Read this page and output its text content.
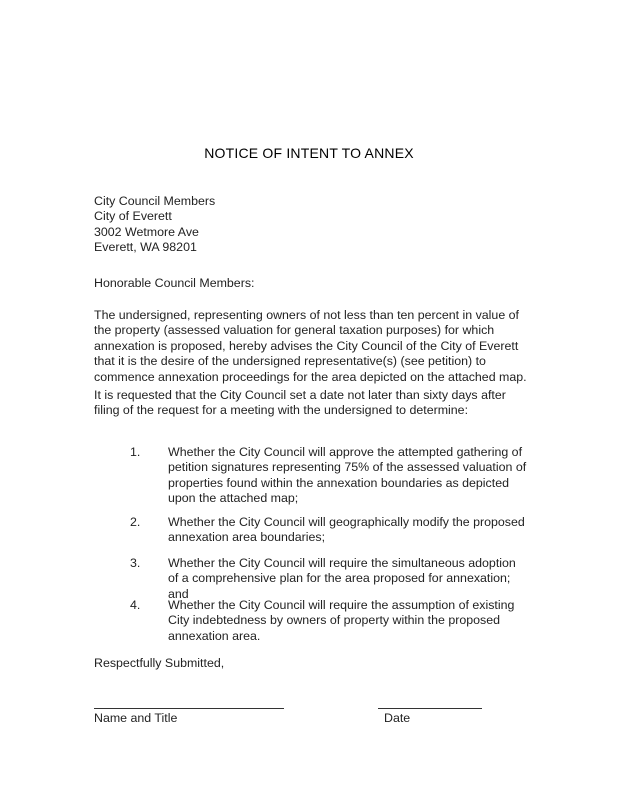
NOTICE OF INTENT TO ANNEX
City Council Members
City of Everett
3002 Wetmore Ave
Everett, WA 98201
Honorable Council Members:
The undersigned, representing owners of not less than ten percent in value of the property (assessed valuation for general taxation purposes) for which annexation is proposed, hereby advises the City Council of the City of Everett that it is the desire of the undersigned representative(s) (see petition) to commence annexation proceedings for the area depicted on the attached map.
It is requested that the City Council set a date not later than sixty days after filing of the request for a meeting with the undersigned to determine:
1. Whether the City Council will approve the attempted gathering of petition signatures representing 75% of the assessed valuation of properties found within the annexation boundaries as depicted upon the attached map;
2. Whether the City Council will geographically modify the proposed annexation area boundaries;
3. Whether the City Council will require the simultaneous adoption of a comprehensive plan for the area proposed for annexation; and
4. Whether the City Council will require the assumption of existing City indebtedness by owners of property within the proposed annexation area.
Respectfully Submitted,
Name and Title	Date
